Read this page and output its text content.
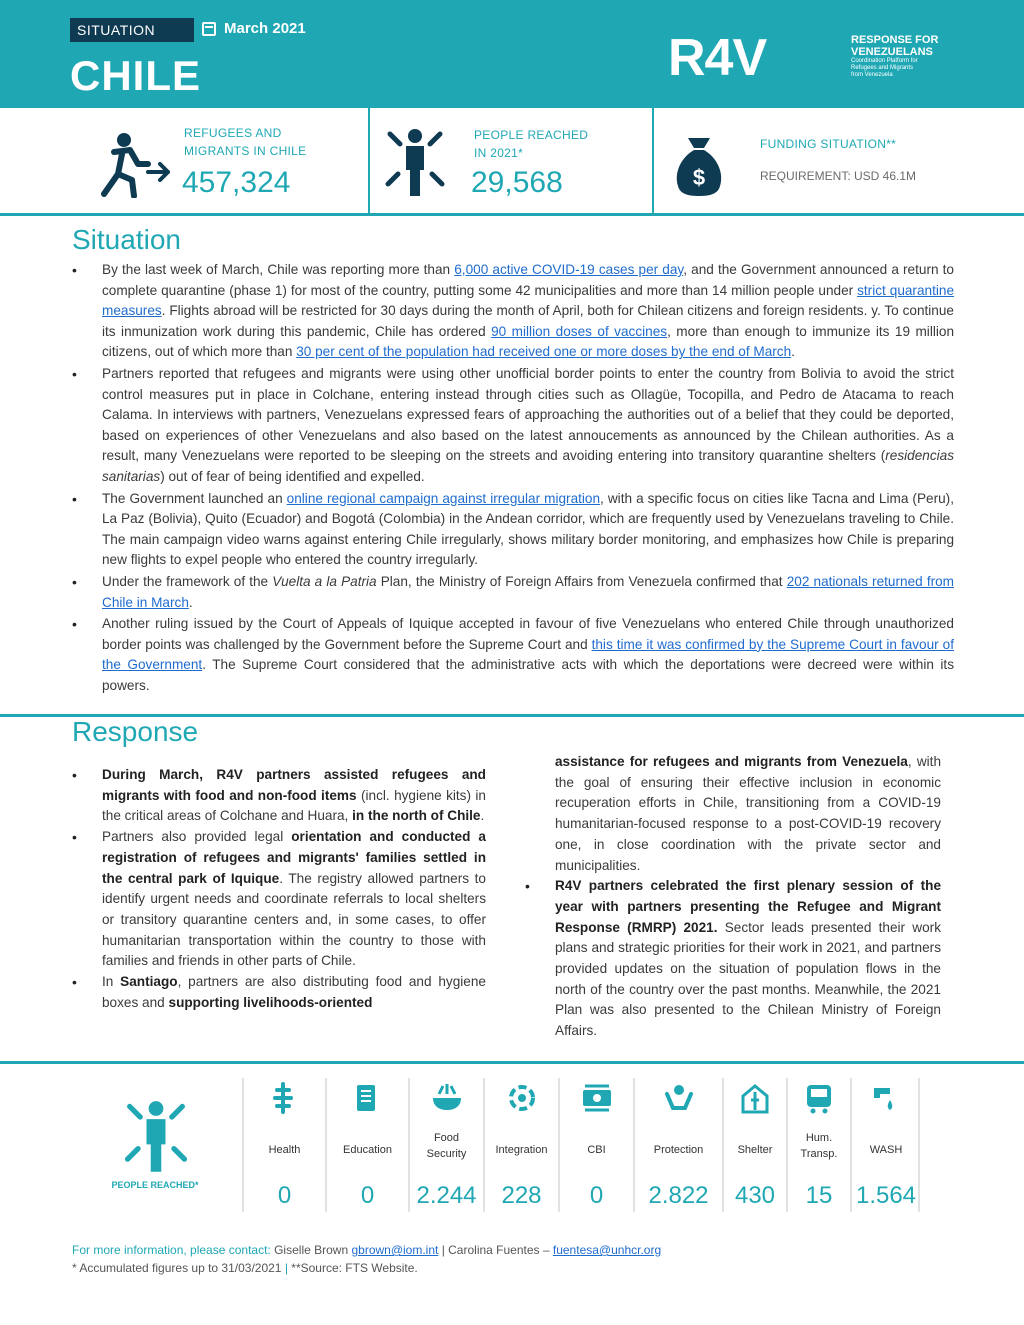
SITUATION	March 2021
CHILE	R4V	RESPONSE FOR
VENEZUELANS
Coordination Platform for
Refugees and Migrants
from Venezuela
REFUGEES AND
MIGRANTS IN CHILE
457,324
PEOPLE REACHED
IN 2021*
29,568	$
FUNDING SITUATION**
REQUIREMENT: USD 46.1M
Situation
• By the last week of March, Chile was reporting more than 6,000 active COVID-19 cases per day, and the Government announced a return to complete quarantine (phase 1) for most of the country, putting some 42 municipalities and more than 14 million people under strict quarantine measures. Flights abroad will be restricted for 30 days during the month of April, both for Chilean citizens and foreign residents. y. To continue its inmunization work during this pandemic, Chile has ordered 90 million doses of vaccines, more than enough to immunize its 19 million citizens, out of which more than 30 per cent of the population had received one or more doses by the end of March.
• Partners reported that refugees and migrants were using other unofficial border points to enter the country from Bolivia to avoid the strict control measures put in place in Colchane, entering instead through cities such as Ollagüe, Tocopilla, and Pedro de Atacama to reach Calama. In interviews with partners, Venezuelans expressed fears of approaching the authorities out of a belief that they could be deported, based on experiences of other Venezuelans and also based on the latest annoucements as announced by the Chilean authorities. As a result, many Venezuelans were reported to be sleeping on the streets and avoiding entering into transitory quarantine shelters (residencias sanitarias) out of fear of being identified and expelled.
• The Government launched an online regional campaign against irregular migration, with a specific focus on cities like Tacna and Lima (Peru), La Paz (Bolivia), Quito (Ecuador) and Bogotá (Colombia) in the Andean corridor, which are frequently used by Venezuelans traveling to Chile. The main campaign video warns against entering Chile irregularly, shows military border monitoring, and emphasizes how Chile is preparing new flights to expel people who entered the country irregularly.
• Under the framework of the Vuelta a la Patria Plan, the Ministry of Foreign Affairs from Venezuela confirmed that 202 nationals returned from Chile in March.
• Another ruling issued by the Court of Appeals of Iquique accepted in favour of five Venezuelans who entered Chile through unauthorized border points was challenged by the Government before the Supreme Court and this time it was confirmed by the Supreme Court in favour of the Government. The Supreme Court considered that the administrative acts with which the deportations were decreed were within its powers.
Response
• During March, R4V partners assisted refugees and migrants with food and non-food items (incl. hygiene kits) in the critical areas of Colchane and Huara, in the north of Chile.
• Partners also provided legal orientation and conducted a registration of refugees and migrants' families settled in the central park of Iquique. The registry allowed partners to identify urgent needs and coordinate referrals to local shelters or transitory quarantine centers and, in some cases, to offer humanitarian transportation within the country to those with families and friends in other parts of Chile.
• In Santiago, partners are also distributing food and hygiene boxes and supporting livelihoods-oriented
assistance for refugees and migrants from Venezuela, with the goal of ensuring their effective inclusion in economic recuperation efforts in Chile, transitioning from a COVID-19 humanitarian-focused response to a post-COVID-19 recovery one, in close coordination with the private sector and municipalities.
• R4V partners celebrated the first plenary session of the year with partners presenting the Refugee and Migrant Response (RMRP) 2021. Sector leads presented their work plans and strategic priorities for their work in 2021, and partners provided updates on the situation of population flows in the north of the country over the past months. Meanwhile, the 2021 Plan was also presented to the Chilean Ministry of Foreign Affairs.
PEOPLE REACHED*
Health
0
Education
0
Food Security
2.244
Integration
228
CBI
0
Protection
2.822
Shelter
430
Hum. Transp.
15
WASH
1.564
For more information, please contact: Giselle Brown gbrown@iom.int | Carolina Fuentes – fuentesa@unhcr.org
* Accumulated figures up to 31/03/2021 | **Source: FTS Website.
